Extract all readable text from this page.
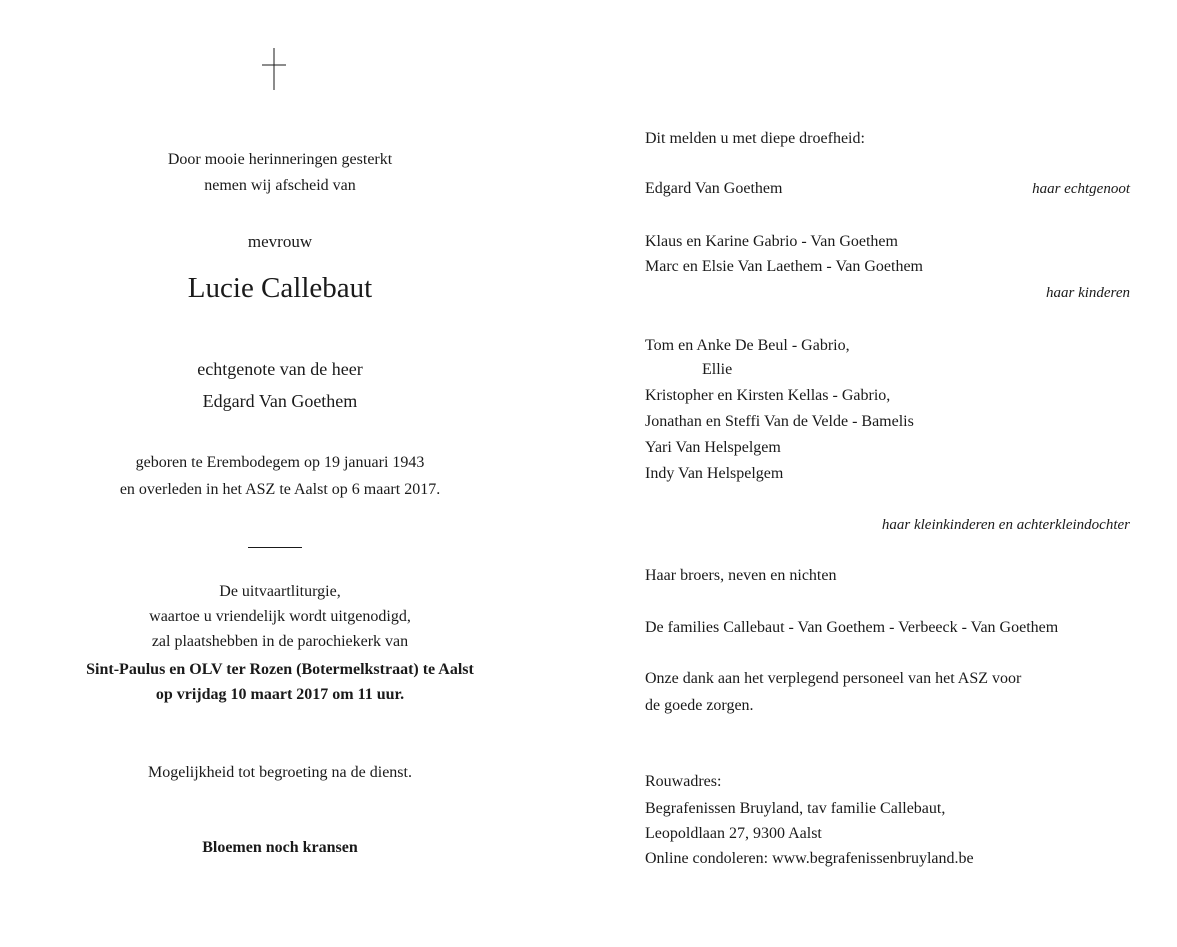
Door mooie herinneringen gesterkt
nemen wij afscheid van
mevrouw
Lucie Callebaut
echtgenote van de heer
Edgard Van Goethem
geboren te Erembodegem op 19 januari 1943
en overleden in het ASZ te Aalst op 6 maart 2017.
De uitvaartliturgie,
waartoe u vriendelijk wordt uitgenodigd,
zal plaatshebben in de parochiekerk van
Sint-Paulus en OLV ter Rozen (Botermelkstraat) te Aalst
op vrijdag 10 maart 2017 om 11 uur.
Mogelijkheid tot begroeting na de dienst.
Bloemen noch kransen
Dit melden u met diepe droefheid:
Edgard Van Goethem	haar echtgenoot
Klaus en Karine Gabrio - Van Goethem
Marc en Elsie Van Laethem - Van Goethem
haar kinderen
Tom en Anke De Beul - Gabrio,
Ellie
Kristopher en Kirsten Kellas - Gabrio,
Jonathan en Steffi Van de Velde - Bamelis
Yari Van Helspelgem
Indy Van Helspelgem
haar kleinkinderen en achterkleindochter
Haar broers, neven en nichten
De families Callebaut - Van Goethem - Verbeeck - Van Goethem
Onze dank aan het verplegend personeel van het ASZ voor
de goede zorgen.
Rouwadres:
Begrafenissen Bruyland, tav familie Callebaut,
Leopoldlaan 27, 9300 Aalst
Online condoleren: www.begrafenissenbruyland.be
